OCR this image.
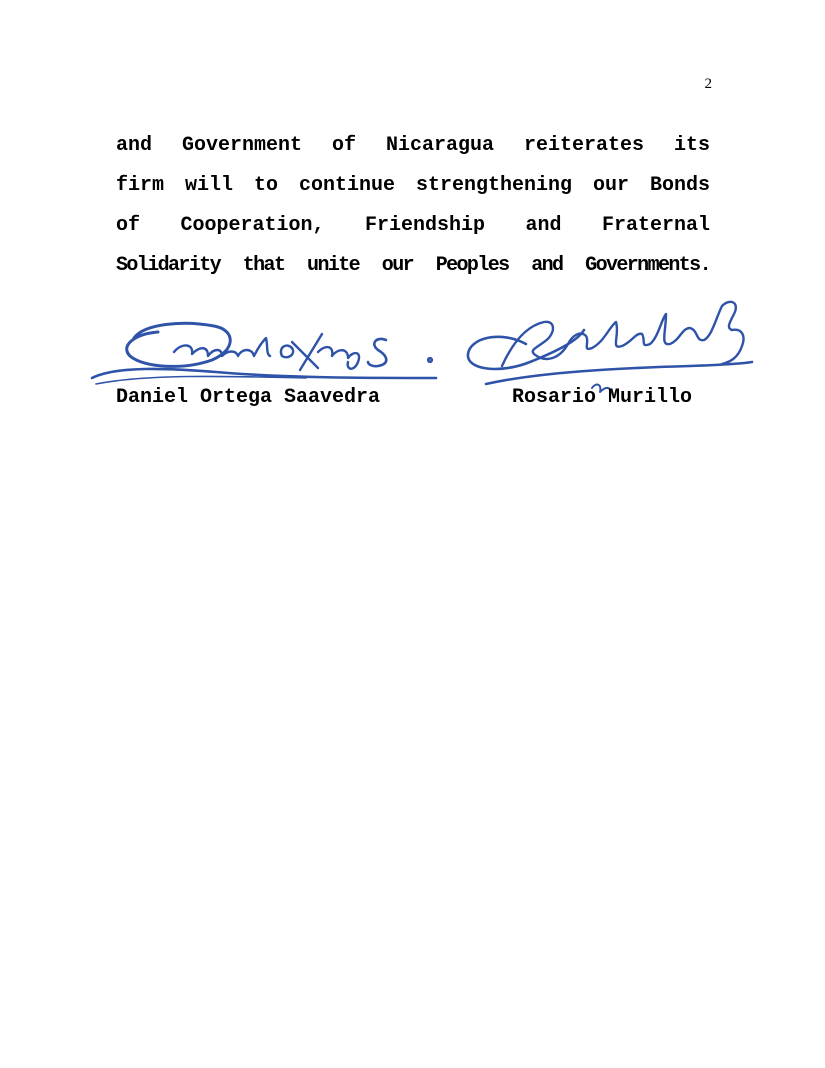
2

and Government of Nicaragua reiterates its
firm will to continue strengthening our Bonds
of Cooperation, Friendship and Fraternal
Solidarity that unite our Peoples and Governments.

Daniel Ortega Saavedra	Rosario Murillo
